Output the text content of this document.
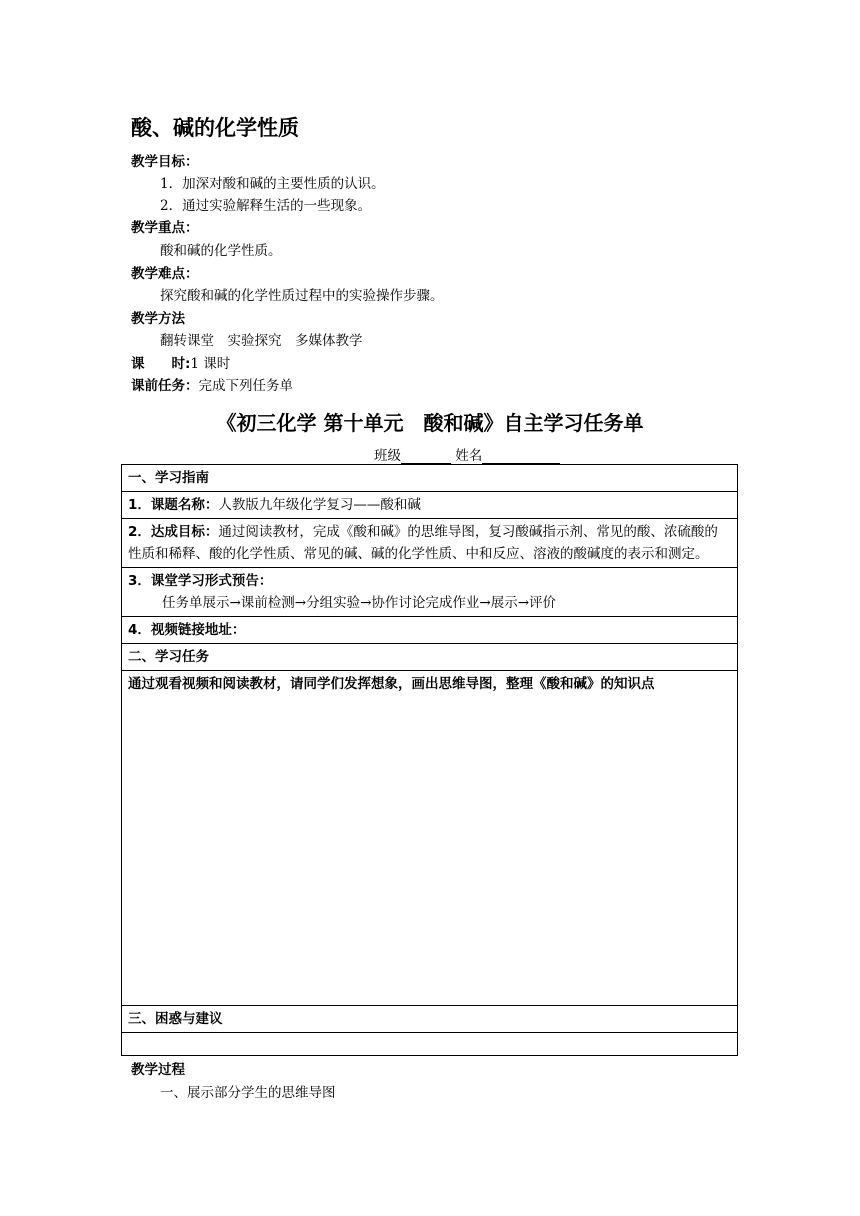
酸、碱的化学性质
教学目标：
1．加深对酸和碱的主要性质的认识。
2．通过实验解释生活的一些现象。
教学重点：
酸和碱的化学性质。
教学难点：
探究酸和碱的化学性质过程中的实验操作步骤。
教学方法
翻转课堂　实验探究　多媒体教学
课　　时:1 课时
课前任务：完成下列任务单
《初三化学 第十单元　酸和碱》自主学习任务单
班级	姓名
一、学习指南
1．课题名称：人教版九年级化学复习——酸和碱
2．达成目标：通过阅读教材，完成《酸和碱》的思维导图，复习酸碱指示剂、常见的酸、浓硫酸的性质和稀释、酸的化学性质、常见的碱、碱的化学性质、中和反应、溶液的酸碱度的表示和测定。

3．课堂学习形式预告：
任务单展示→课前检测→分组实验→协作讨论完成作业→展示→评价

4．视频链接地址：
二、学习任务
通过观看视频和阅读教材，请同学们发挥想象，画出思维导图，整理《酸和碱》的知识点
三、困惑与建议

教学过程
一、展示部分学生的思维导图
